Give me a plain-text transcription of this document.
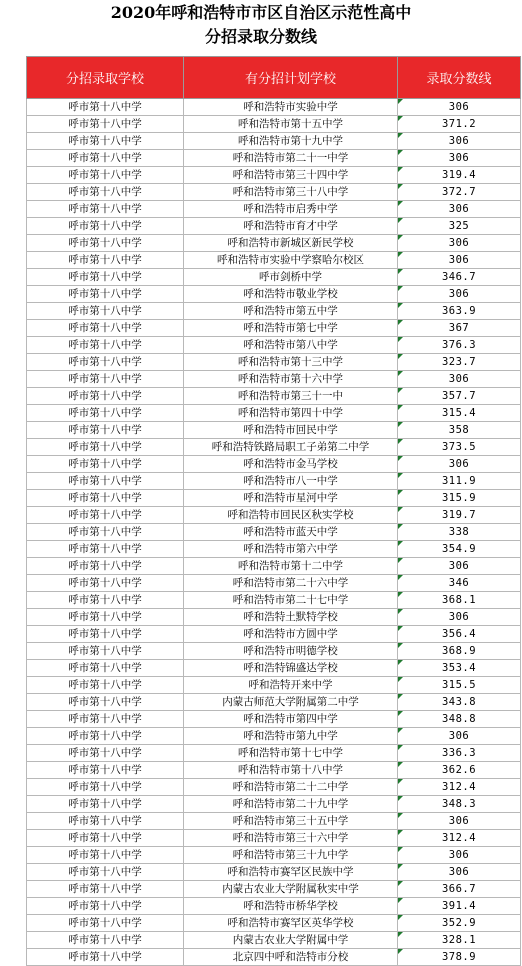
2020年呼和浩特市市区自治区示范性高中
分招录取分数线
分招录取学校	有分招计划学校	录取分数线
呼市第十八中学	呼和浩特市实验中学	306
呼市第十八中学	呼和浩特市第十五中学	371.2
呼市第十八中学	呼和浩特市第十九中学	306
呼市第十八中学	呼和浩特市第二十一中学	306
呼市第十八中学	呼和浩特市第三十四中学	319.4
呼市第十八中学	呼和浩特市第三十八中学	372.7
呼市第十八中学	呼和浩特市启秀中学	306
呼市第十八中学	呼和浩特市育才中学	325
呼市第十八中学	呼和浩特市新城区新民学校	306
呼市第十八中学	呼和浩特市实验中学察哈尔校区	306
呼市第十八中学	呼市剑桥中学	346.7
呼市第十八中学	呼和浩特市敬业学校	306
呼市第十八中学	呼和浩特市第五中学	363.9
呼市第十八中学	呼和浩特市第七中学	367
呼市第十八中学	呼和浩特市第八中学	376.3
呼市第十八中学	呼和浩特市第十三中学	323.7
呼市第十八中学	呼和浩特市第十六中学	306
呼市第十八中学	呼和浩特市第三十一中	357.7
呼市第十八中学	呼和浩特市第四十中学	315.4
呼市第十八中学	呼和浩特市回民中学	358
呼市第十八中学	呼和浩特铁路局职工子弟第二中学	373.5
呼市第十八中学	呼和浩特市金马学校	306
呼市第十八中学	呼和浩特市八一中学	311.9
呼市第十八中学	呼和浩特市星河中学	315.9
呼市第十八中学	呼和浩特市回民区秋实学校	319.7
呼市第十八中学	呼和浩特市蓝天中学	338
呼市第十八中学	呼和浩特市第六中学	354.9
呼市第十八中学	呼和浩特市第十二中学	306
呼市第十八中学	呼和浩特市第二十六中学	346
呼市第十八中学	呼和浩特市第二十七中学	368.1
呼市第十八中学	呼和浩特土默特学校	306
呼市第十八中学	呼和浩特市方圆中学	356.4
呼市第十八中学	呼和浩特市明德学校	368.9
呼市第十八中学	呼和浩特锦盛达学校	353.4
呼市第十八中学	呼和浩特开来中学	315.5
呼市第十八中学	内蒙古师范大学附属第二中学	343.8
呼市第十八中学	呼和浩特市第四中学	348.8
呼市第十八中学	呼和浩特市第九中学	306
呼市第十八中学	呼和浩特市第十七中学	336.3
呼市第十八中学	呼和浩特市第十八中学	362.6
呼市第十八中学	呼和浩特市第二十二中学	312.4
呼市第十八中学	呼和浩特市第二十九中学	348.3
呼市第十八中学	呼和浩特市第三十五中学	306
呼市第十八中学	呼和浩特市第三十六中学	312.4
呼市第十八中学	呼和浩特市第三十九中学	306
呼市第十八中学	呼和浩特市赛罕区民族中学	306
呼市第十八中学	内蒙古农业大学附属秋实中学	366.7
呼市第十八中学	呼和浩特市桥华学校	391.4
呼市第十八中学	呼和浩特市赛罕区英华学校	352.9
呼市第十八中学	内蒙古农业大学附属中学	328.1
呼市第十八中学	北京四中呼和浩特市分校	378.9
